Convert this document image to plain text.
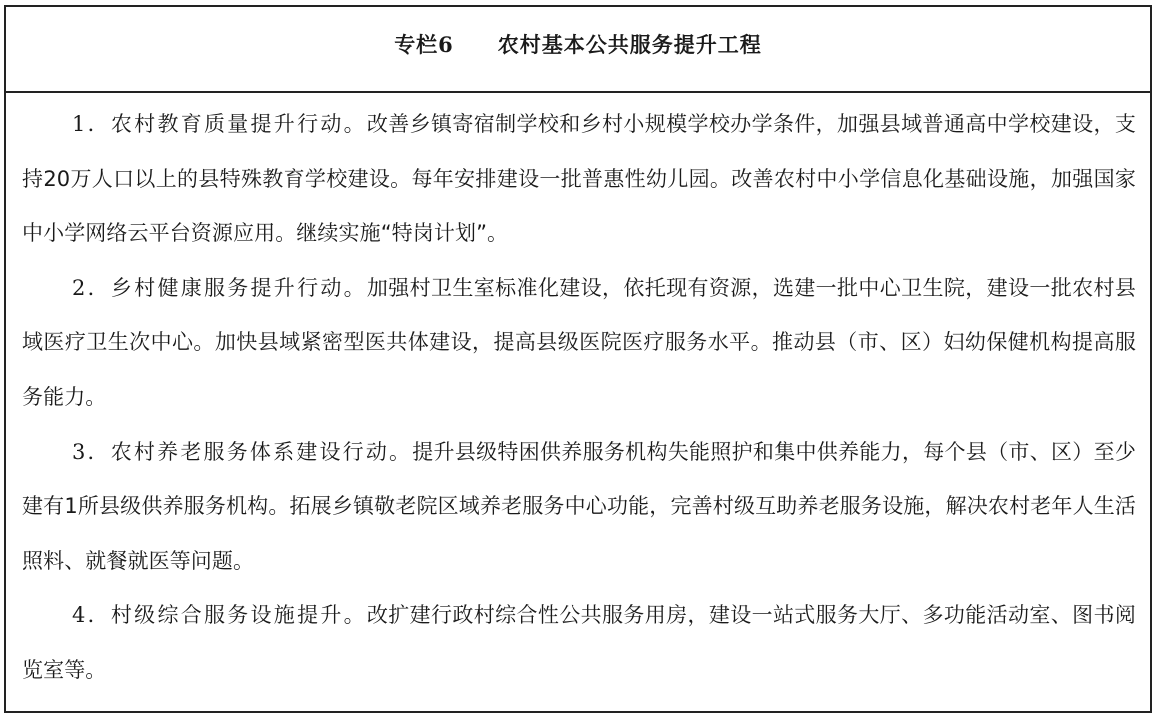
专栏6　　农村基本公共服务提升工程

1．农村教育质量提升行动。改善乡镇寄宿制学校和乡村小规模学校办学条件，加强县域普通高中学校建设，支持20万人口以上的县特殊教育学校建设。每年安排建设一批普惠性幼儿园。改善农村中小学信息化基础设施，加强国家中小学网络云平台资源应用。继续实施“特岗计划”。

2．乡村健康服务提升行动。加强村卫生室标准化建设，依托现有资源，选建一批中心卫生院，建设一批农村县域医疗卫生次中心。加快县域紧密型医共体建设，提高县级医院医疗服务水平。推动县（市、区）妇幼保健机构提高服务能力。

3．农村养老服务体系建设行动。提升县级特困供养服务机构失能照护和集中供养能力，每个县（市、区）至少建有1所县级供养服务机构。拓展乡镇敬老院区域养老服务中心功能，完善村级互助养老服务设施，解决农村老年人生活照料、就餐就医等问题。

4．村级综合服务设施提升。改扩建行政村综合性公共服务用房，建设一站式服务大厅、多功能活动室、图书阅览室等。
